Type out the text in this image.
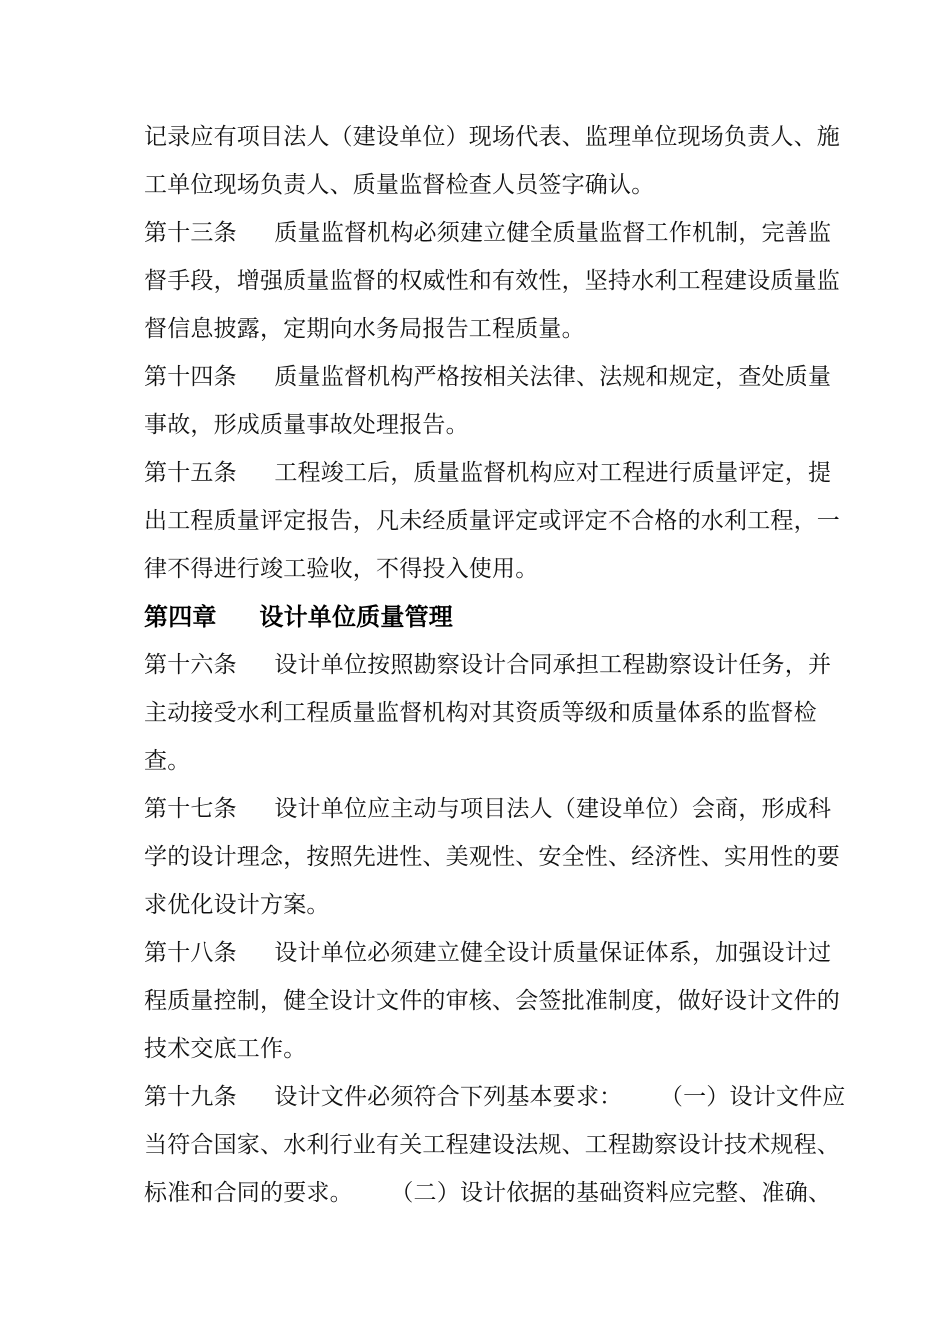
记录应有项目法人（建设单位）现场代表、监理单位现场负责人、施
工单位现场负责人、质量监督检查人员签字确认。
第十三条     质量监督机构必须建立健全质量监督工作机制，完善监
督手段，增强质量监督的权威性和有效性，坚持水利工程建设质量监
督信息披露，定期向水务局报告工程质量。
第十四条     质量监督机构严格按相关法律、法规和规定，查处质量
事故，形成质量事故处理报告。
第十五条     工程竣工后，质量监督机构应对工程进行质量评定，提
出工程质量评定报告，凡未经质量评定或评定不合格的水利工程，一
律不得进行竣工验收，不得投入使用。
第四章     设计单位质量管理
第十六条     设计单位按照勘察设计合同承担工程勘察设计任务，并
主动接受水利工程质量监督机构对其资质等级和质量体系的监督检
查。
第十七条     设计单位应主动与项目法人（建设单位）会商，形成科
学的设计理念，按照先进性、美观性、安全性、经济性、实用性的要
求优化设计方案。
第十八条     设计单位必须建立健全设计质量保证体系，加强设计过
程质量控制，健全设计文件的审核、会签批准制度，做好设计文件的
技术交底工作。
第十九条     设计文件必须符合下列基本要求：     （一）设计文件应
当符合国家、水利行业有关工程建设法规、工程勘察设计技术规程、
标准和合同的要求。     （二）设计依据的基础资料应完整、准确、
